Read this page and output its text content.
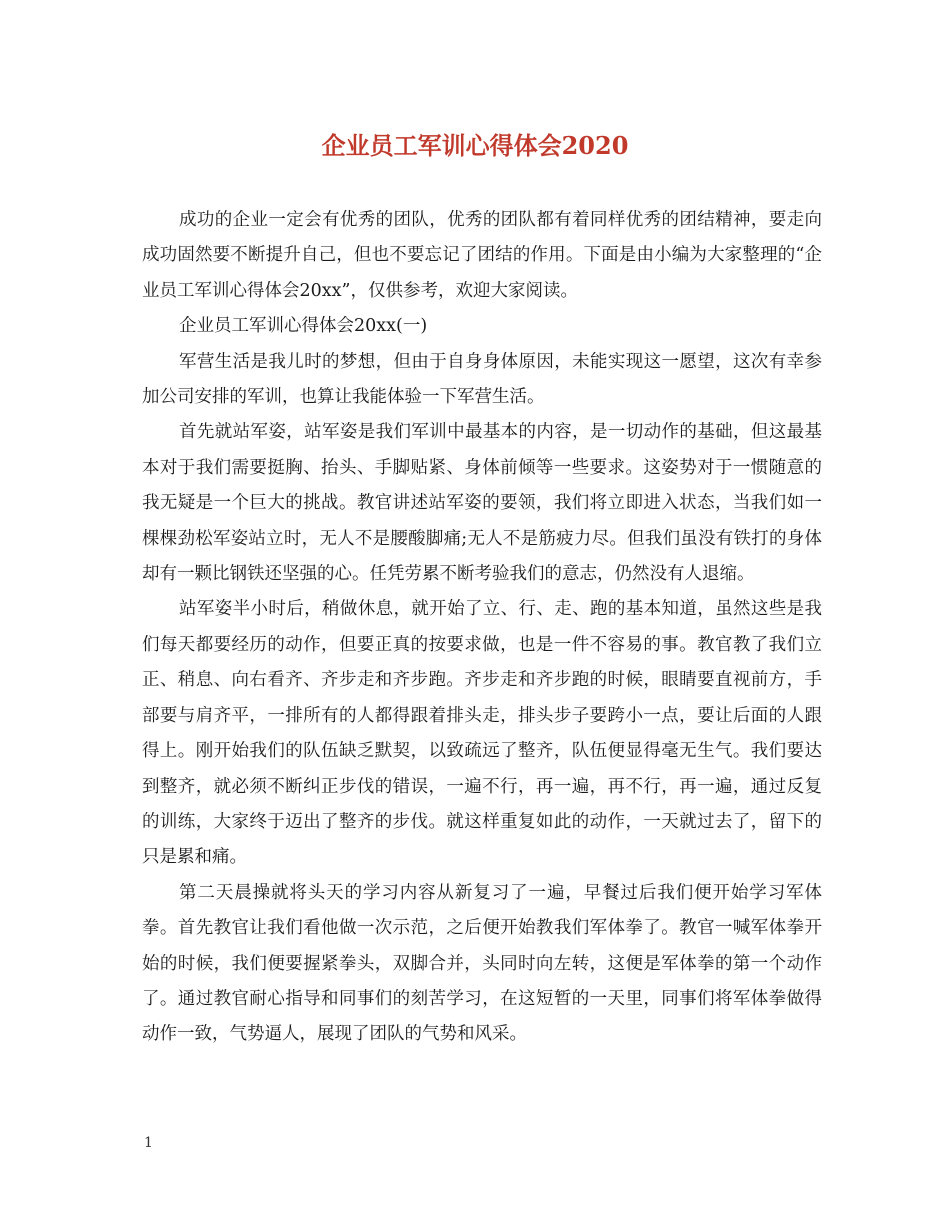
企业员工军训心得体会2020

成功的企业一定会有优秀的团队，优秀的团队都有着同样优秀的团结精神，要走向成功固然要不断提升自己，但也不要忘记了团结的作用。下面是由小编为大家整理的“企业员工军训心得体会20xx”，仅供参考，欢迎大家阅读。

企业员工军训心得体会20xx(一)

军营生活是我儿时的梦想，但由于自身身体原因，未能实现这一愿望，这次有幸参加公司安排的军训，也算让我能体验一下军营生活。

首先就站军姿，站军姿是我们军训中最基本的内容，是一切动作的基础，但这最基本对于我们需要挺胸、抬头、手脚贴紧、身体前倾等一些要求。这姿势对于一惯随意的我无疑是一个巨大的挑战。教官讲述站军姿的要领，我们将立即进入状态，当我们如一棵棵劲松军姿站立时，无人不是腰酸脚痛;无人不是筋疲力尽。但我们虽没有铁打的身体却有一颗比钢铁还坚强的心。任凭劳累不断考验我们的意志，仍然没有人退缩。

站军姿半小时后，稍做休息，就开始了立、行、走、跑的基本知道，虽然这些是我们每天都要经历的动作，但要正真的按要求做，也是一件不容易的事。教官教了我们立正、稍息、向右看齐、齐步走和齐步跑。齐步走和齐步跑的时候，眼睛要直视前方，手部要与肩齐平，一排所有的人都得跟着排头走，排头步子要跨小一点，要让后面的人跟得上。刚开始我们的队伍缺乏默契，以致疏远了整齐，队伍便显得毫无生气。我们要达到整齐，就必须不断纠正步伐的错误，一遍不行，再一遍，再不行，再一遍，通过反复的训练，大家终于迈出了整齐的步伐。就这样重复如此的动作，一天就过去了，留下的只是累和痛。

第二天晨操就将头天的学习内容从新复习了一遍，早餐过后我们便开始学习军体拳。首先教官让我们看他做一次示范，之后便开始教我们军体拳了。教官一喊军体拳开始的时候，我们便要握紧拳头，双脚合并，头同时向左转，这便是军体拳的第一个动作了。通过教官耐心指导和同事们的刻苦学习，在这短暂的一天里，同事们将军体拳做得动作一致，气势逼人，展现了团队的气势和风采。

1
